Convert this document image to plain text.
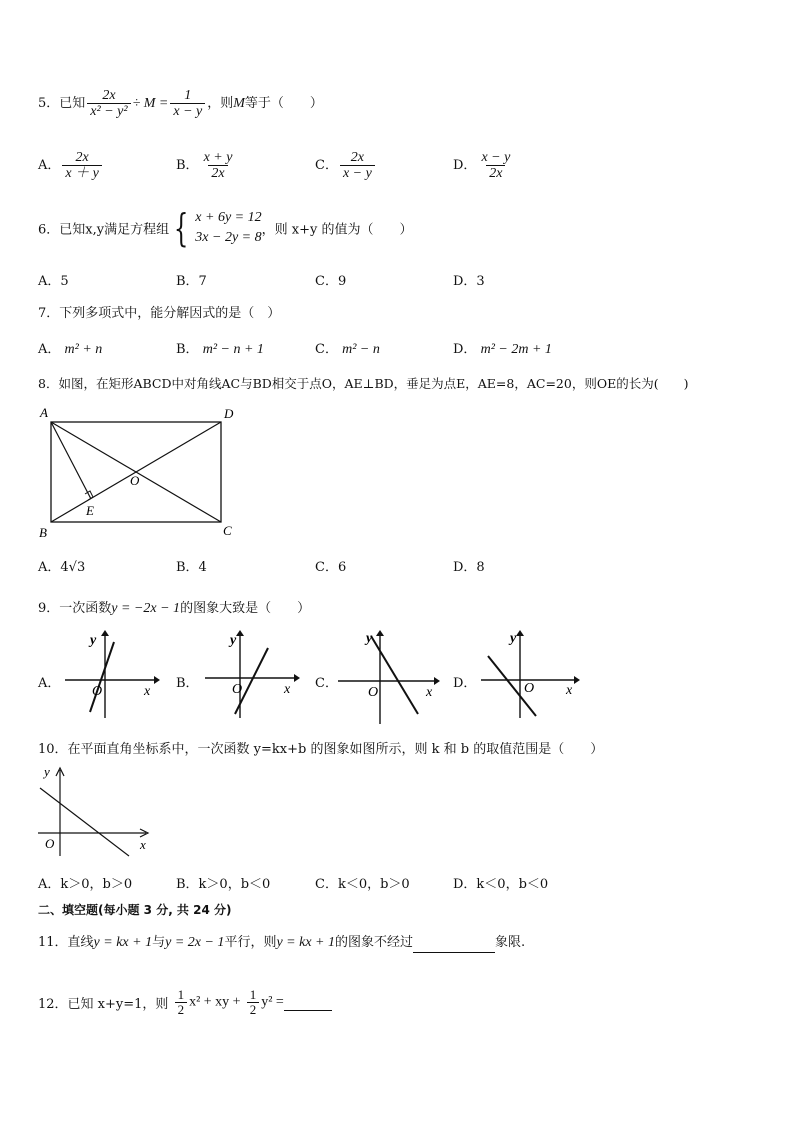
5．已知 $\frac{2x}{\text{x² − y²}} \div M = \frac{1}{x - y}$ ，则M等于（　　）
A． $\frac{2x}{x + y}$	B． $\frac{x + y}{2x}$	C． $\frac{2x}{x - y}$	D． $\frac{x - y}{2x}$
6．已知x,y满足方程组 { x + 6y = 12
3x − 2y = 8 ，则 x+y 的值为（　　）
A．5	B．7	C．9	D．3
7．下列多项式中，能分解因式的是（　）
A． m² + n	B． m² − n + 1	C． m² − n	D． m² − 2m + 1
8．如图，在矩形ABCD中对角线AC与BD相交于点O，AE⊥BD，垂足为点E，AE=8，AC=20，则OE的长为(　　)
A	D
B	C
O
E
A．4√3	B．4	C．6	D．8
9．一次函数y = −2x − 1的图象大致是（　　）
A．
y
x
O
B．
y
x
O	C．
y
x
O
D．
y
x
O
10．在平面直角坐标系中，一次函数 y=kx+b 的图象如图所示，则 k 和 b 的取值范围是（　　）
y
x
O
A．k＞0，b＞0	B．k＞0，b＜0	C．k＜0，b＞0	D．k＜0，b＜0
二、填空题(每小题 3 分, 共 24 分)
11．直线y = kx + 1与y = 2x − 1平行，则y = kx + 1的图象不经过	象限.
12．已知 x+y=1，则 $\frac{1}{2} x^2$ + xy + $\frac{1}{2} y^2$ =
